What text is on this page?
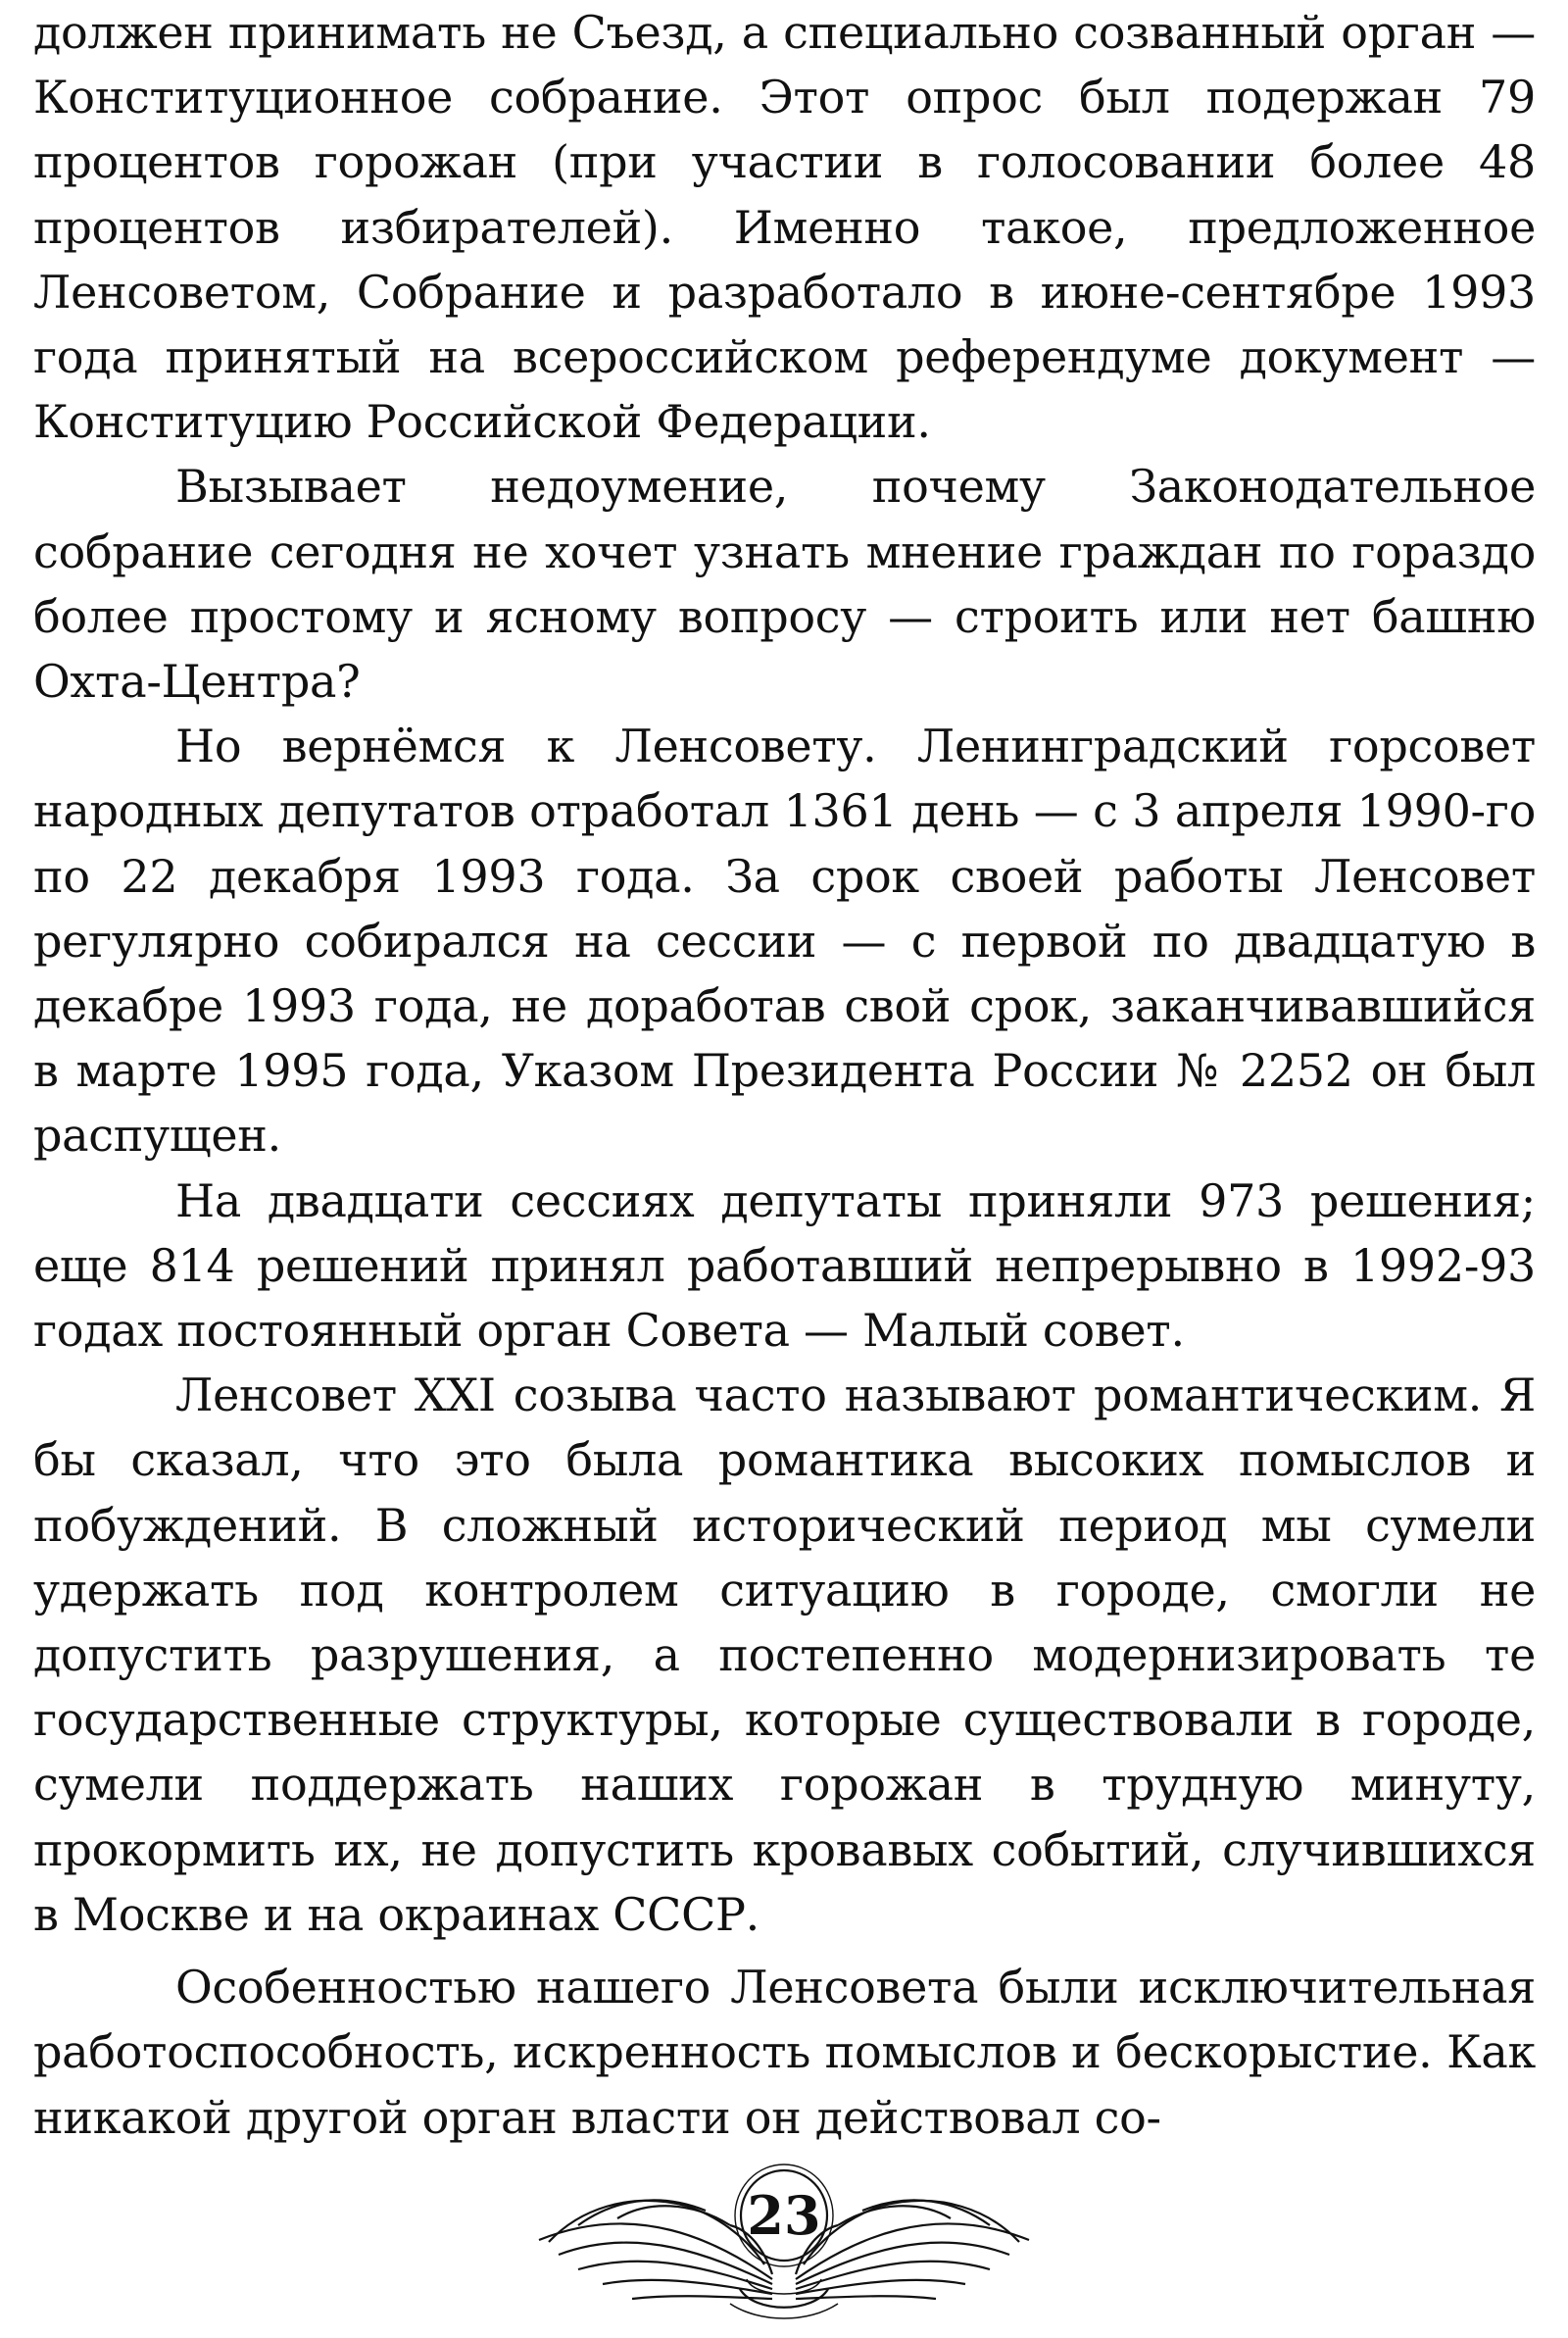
должен принимать не Съезд, а специально созванный орган — Конституционное собрание. Этот опрос был подержан 79 процентов горожан (при участии в голосовании более 48 процентов избирателей). Именно такое, предложенное Ленсоветом, Собрание и разработало в июне-сентябре 1993 года принятый на всероссийском референдуме документ — Конституцию Российской Федерации.

Вызывает недоумение, почему Законодательное собрание сегодня не хочет узнать мнение граждан по гораздо более простому и ясному вопросу — строить или нет башню Охта-Центра?

Но вернёмся к Ленсовету. Ленинградский горсовет народных депутатов отработал 1361 день — с 3 апреля 1990-го по 22 декабря 1993 года. За срок своей работы Ленсовет регулярно собирался на сессии — с первой по двадцатую в декабре 1993 года, не доработав свой срок, заканчивавшийся в марте 1995 года, Указом Президента России № 2252 он был распущен.

На двадцати сессиях депутаты приняли 973 решения; еще 814 решений принял работавший непрерывно в 1992-93 годах постоянный орган Совета — Малый совет.

Ленсовет XXI созыва часто называют романтическим. Я бы сказал, что это была романтика высоких помыслов и побуждений. В сложный исторический период мы сумели удержать под контролем ситуацию в городе, смогли не допустить разрушения, а постепенно модернизировать те государственные структуры, которые существовали в городе, сумели поддержать наших горожан в трудную минуту, прокормить их, не допустить кровавых событий, случившихся в Москве и на окраинах СССР.

Особенностью нашего Ленсовета были исключительная работоспособность, искренность помыслов и бескорыстие. Как никакой другой орган власти он действовал со-

23
